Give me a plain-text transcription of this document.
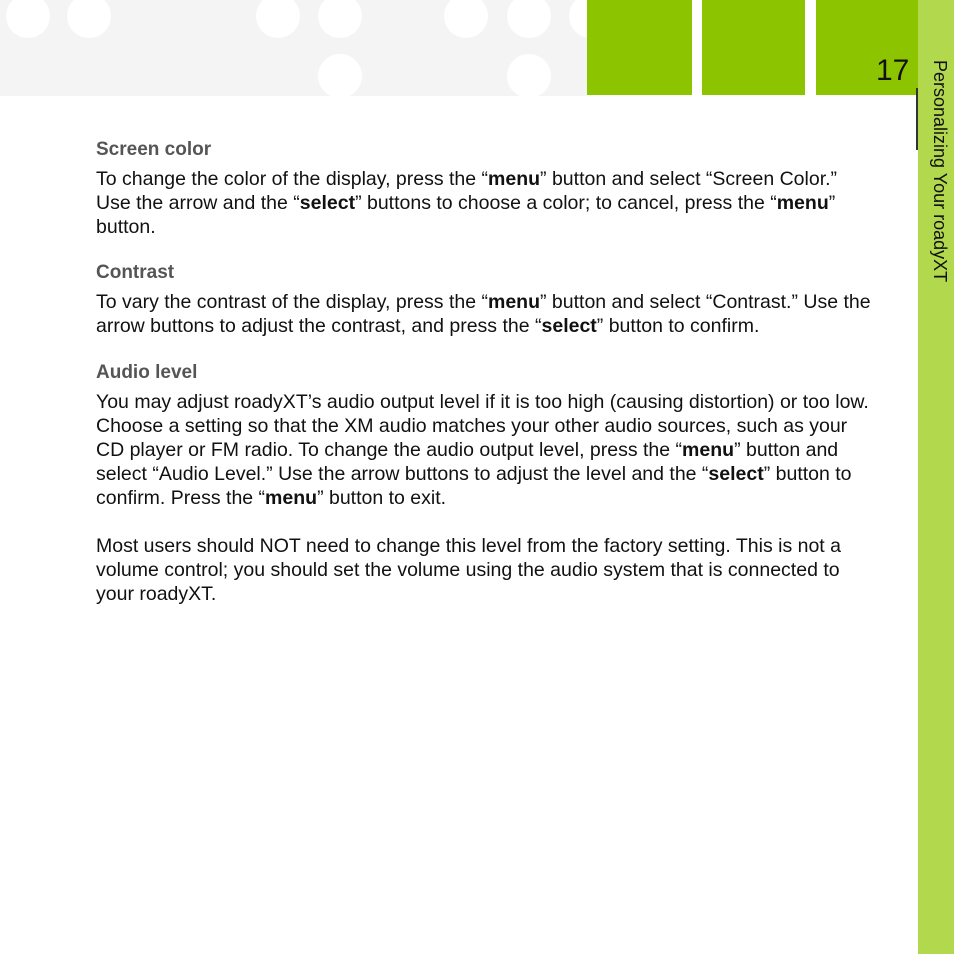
17 Personalizing Your roadyXT
Screen color

To change the color of the display, press the “menu” button and select “Screen Color.” Use the arrow and the “select” buttons to choose a color; to cancel, press the “menu” button.

Contrast

To vary the contrast of the display, press the “menu” button and select “Contrast.” Use the arrow buttons to adjust the contrast, and press the “select” button to confirm.

Audio level

You may adjust roadyXT’s audio output level if it is too high (causing distortion) or too low. Choose a setting so that the XM audio matches your other audio sources, such as your CD player or FM radio. To change the audio output level, press the “menu” button and select “Audio Level.” Use the arrow buttons to adjust the level and the “select” button to confirm. Press the “menu” button to exit.

Most users should NOT need to change this level from the factory setting. This is not a volume control; you should set the volume using the audio system that is connected to your roadyXT.
